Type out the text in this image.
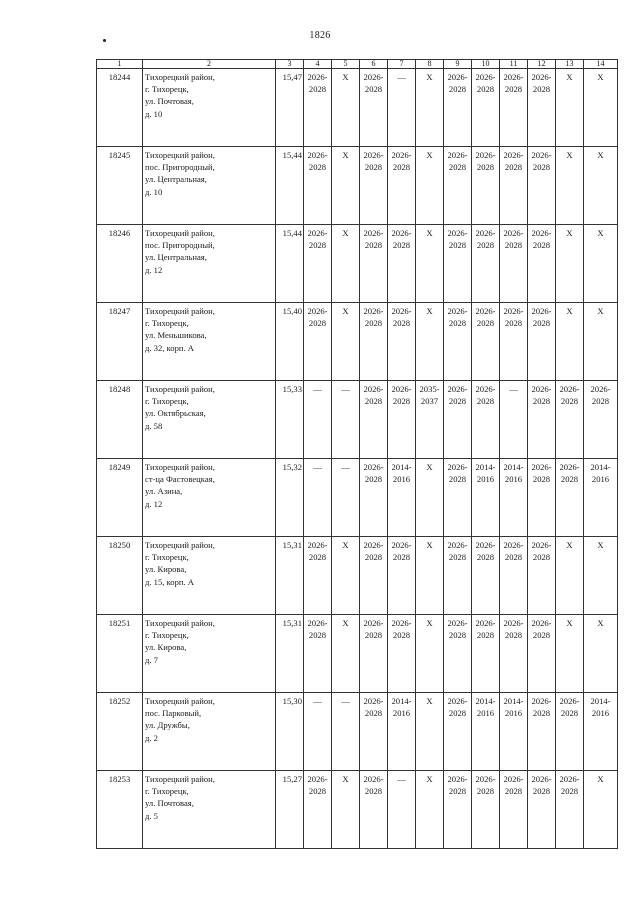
1826
1	2	3	4	5	6	7	8	9	10	11	12	13	14

18244	Тихорецкий район,
г. Тихорецк,
ул. Почтовая,
д. 10	15,47	2026-
2028	X	2026-
2028	—	X	2026-
2028	2026-
2028	2026-
2028	2026-
2028	X	X

18245	Тихорецкий район,
пос. Пригородный,
ул. Центральная,
д. 10	15,44	2026-
2028	X	2026-
2028	2026-
2028	X	2026-
2028	2026-
2028	2026-
2028	2026-
2028	X	X

18246	Тихорецкий район,
пос. Пригородный,
ул. Центральная,
д. 12	15,44	2026-
2028	X	2026-
2028	2026-
2028	X	2026-
2028	2026-
2028	2026-
2028	2026-
2028	X	X

18247	Тихорецкий район,
г. Тихорецк,
ул. Меньшикова,
д. 32, корп. А	15,40	2026-
2028	X	2026-
2028	2026-
2028	X	2026-
2028	2026-
2028	2026-
2028	2026-
2028	X	X

18248	Тихорецкий район,
г. Тихорецк,
ул. Октябрьская,
д. 58	15,33	—	—	2026-
2028	2026-
2028	2035-
2037	2026-
2028	2026-
2028	—	2026-
2028	2026-
2028	2026-
2028

18249	Тихорецкий район,
ст-ца Фастовецкая,
ул. Азина,
д. 12	15,32	—	—	2026-
2028	2014-
2016	X	2026-
2028	2014-
2016	2014-
2016	2026-
2028	2026-
2028	2014-
2016

18250	Тихорецкий район,
г. Тихорецк,
ул. Кирова,
д. 15, корп. А	15,31	2026-
2028	X	2026-
2028	2026-
2028	X	2026-
2028	2026-
2028	2026-
2028	2026-
2028	X	X

18251	Тихорецкий район,
г. Тихорецк,
ул. Кирова,
д. 7	15,31	2026-
2028	X	2026-
2028	2026-
2028	X	2026-
2028	2026-
2028	2026-
2028	2026-
2028	X	X

18252	Тихорецкий район,
пос. Парковый,
ул. Дружбы,
д. 2	15,30	—	—	2026-
2028	2014-
2016	X	2026-
2028	2014-
2016	2014-
2016	2026-
2028	2026-
2028	2014-
2016

18253	Тихорецкий район,
г. Тихорецк,
ул. Почтовая,
д. 5	15,27	2026-
2028	X	2026-
2028	—	X	2026-
2028	2026-
2028	2026-
2028	2026-
2028	2026-
2028	X
